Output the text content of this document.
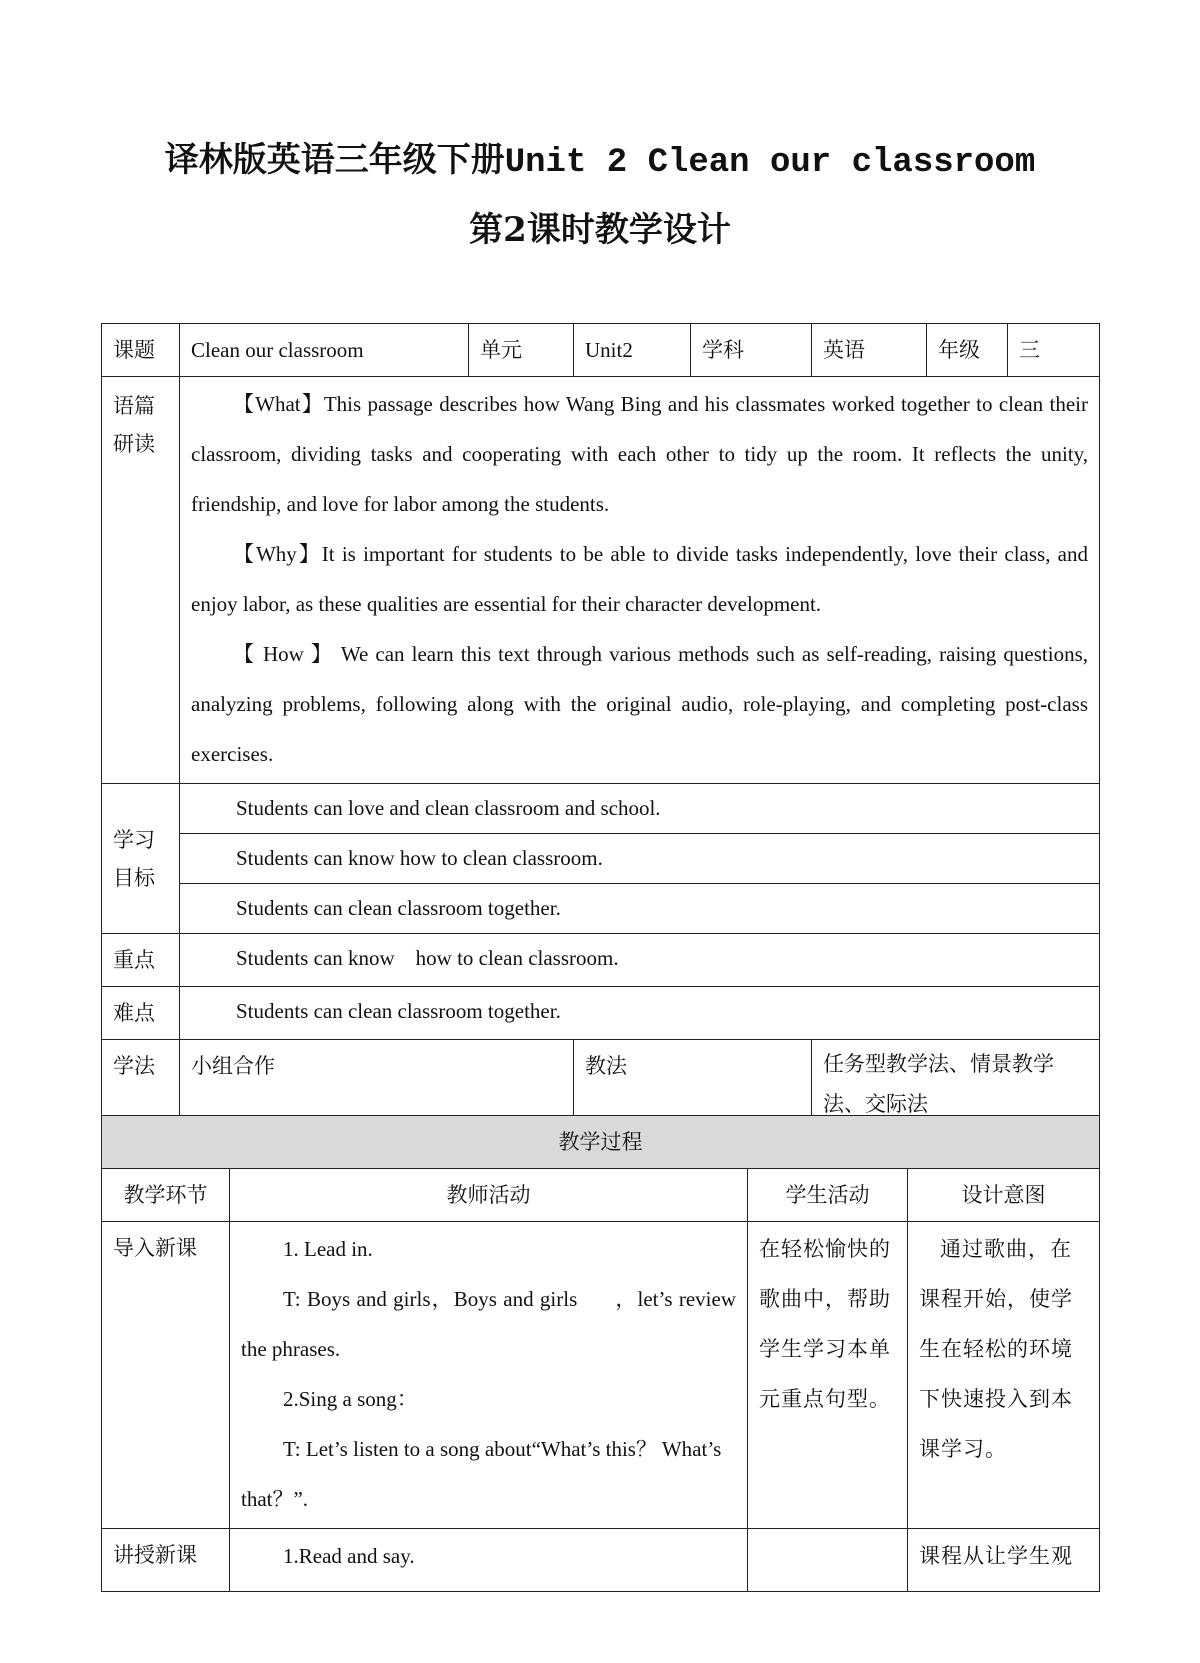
译林版英语三年级下册Unit 2 Clean our classroom
第2课时教学设计
课题	Clean our classroom	单元	Unit2	学科	英语	年级	三
语篇研读	【What】This passage describes how Wang Bing and his classmates worked together to clean their classroom, dividing tasks and cooperating with each other to tidy up the room. It reflects the unity, friendship, and love for labor among the students.

【Why】It is important for students to be able to divide tasks independently, love their class, and enjoy labor, as these qualities are essential for their character development.

【 How 】 We can learn this text through various methods such as self-reading, raising questions, analyzing problems, following along with the original audio, role-playing, and completing post-class exercises.						

学习目标	Students can love and clean classroom and school.						
	Students can know how to clean classroom.						
	Students can clean classroom together.						
重点	Students can know    how to clean classroom.						
难点	Students can clean classroom together.						
学法	小组合作		教法		任务型教学法、情景教学法、交际法		
教学过程			
教学环节	教师活动	学生活动	设计意图
导入新课	1. Lead in.

T: Boys and girls，Boys and girls      ，let’s review the phrases.

2.Sing a song：

T: Let’s listen to a song about“What’s this？ What’s that？”.	在轻松愉快的歌曲中，帮助学生学习本单元重点句型。	通过歌曲，在课程开始，使学生在轻松的环境下快速投入到本课学习。

讲授新课	1.Read and say.		课程从让学生观
